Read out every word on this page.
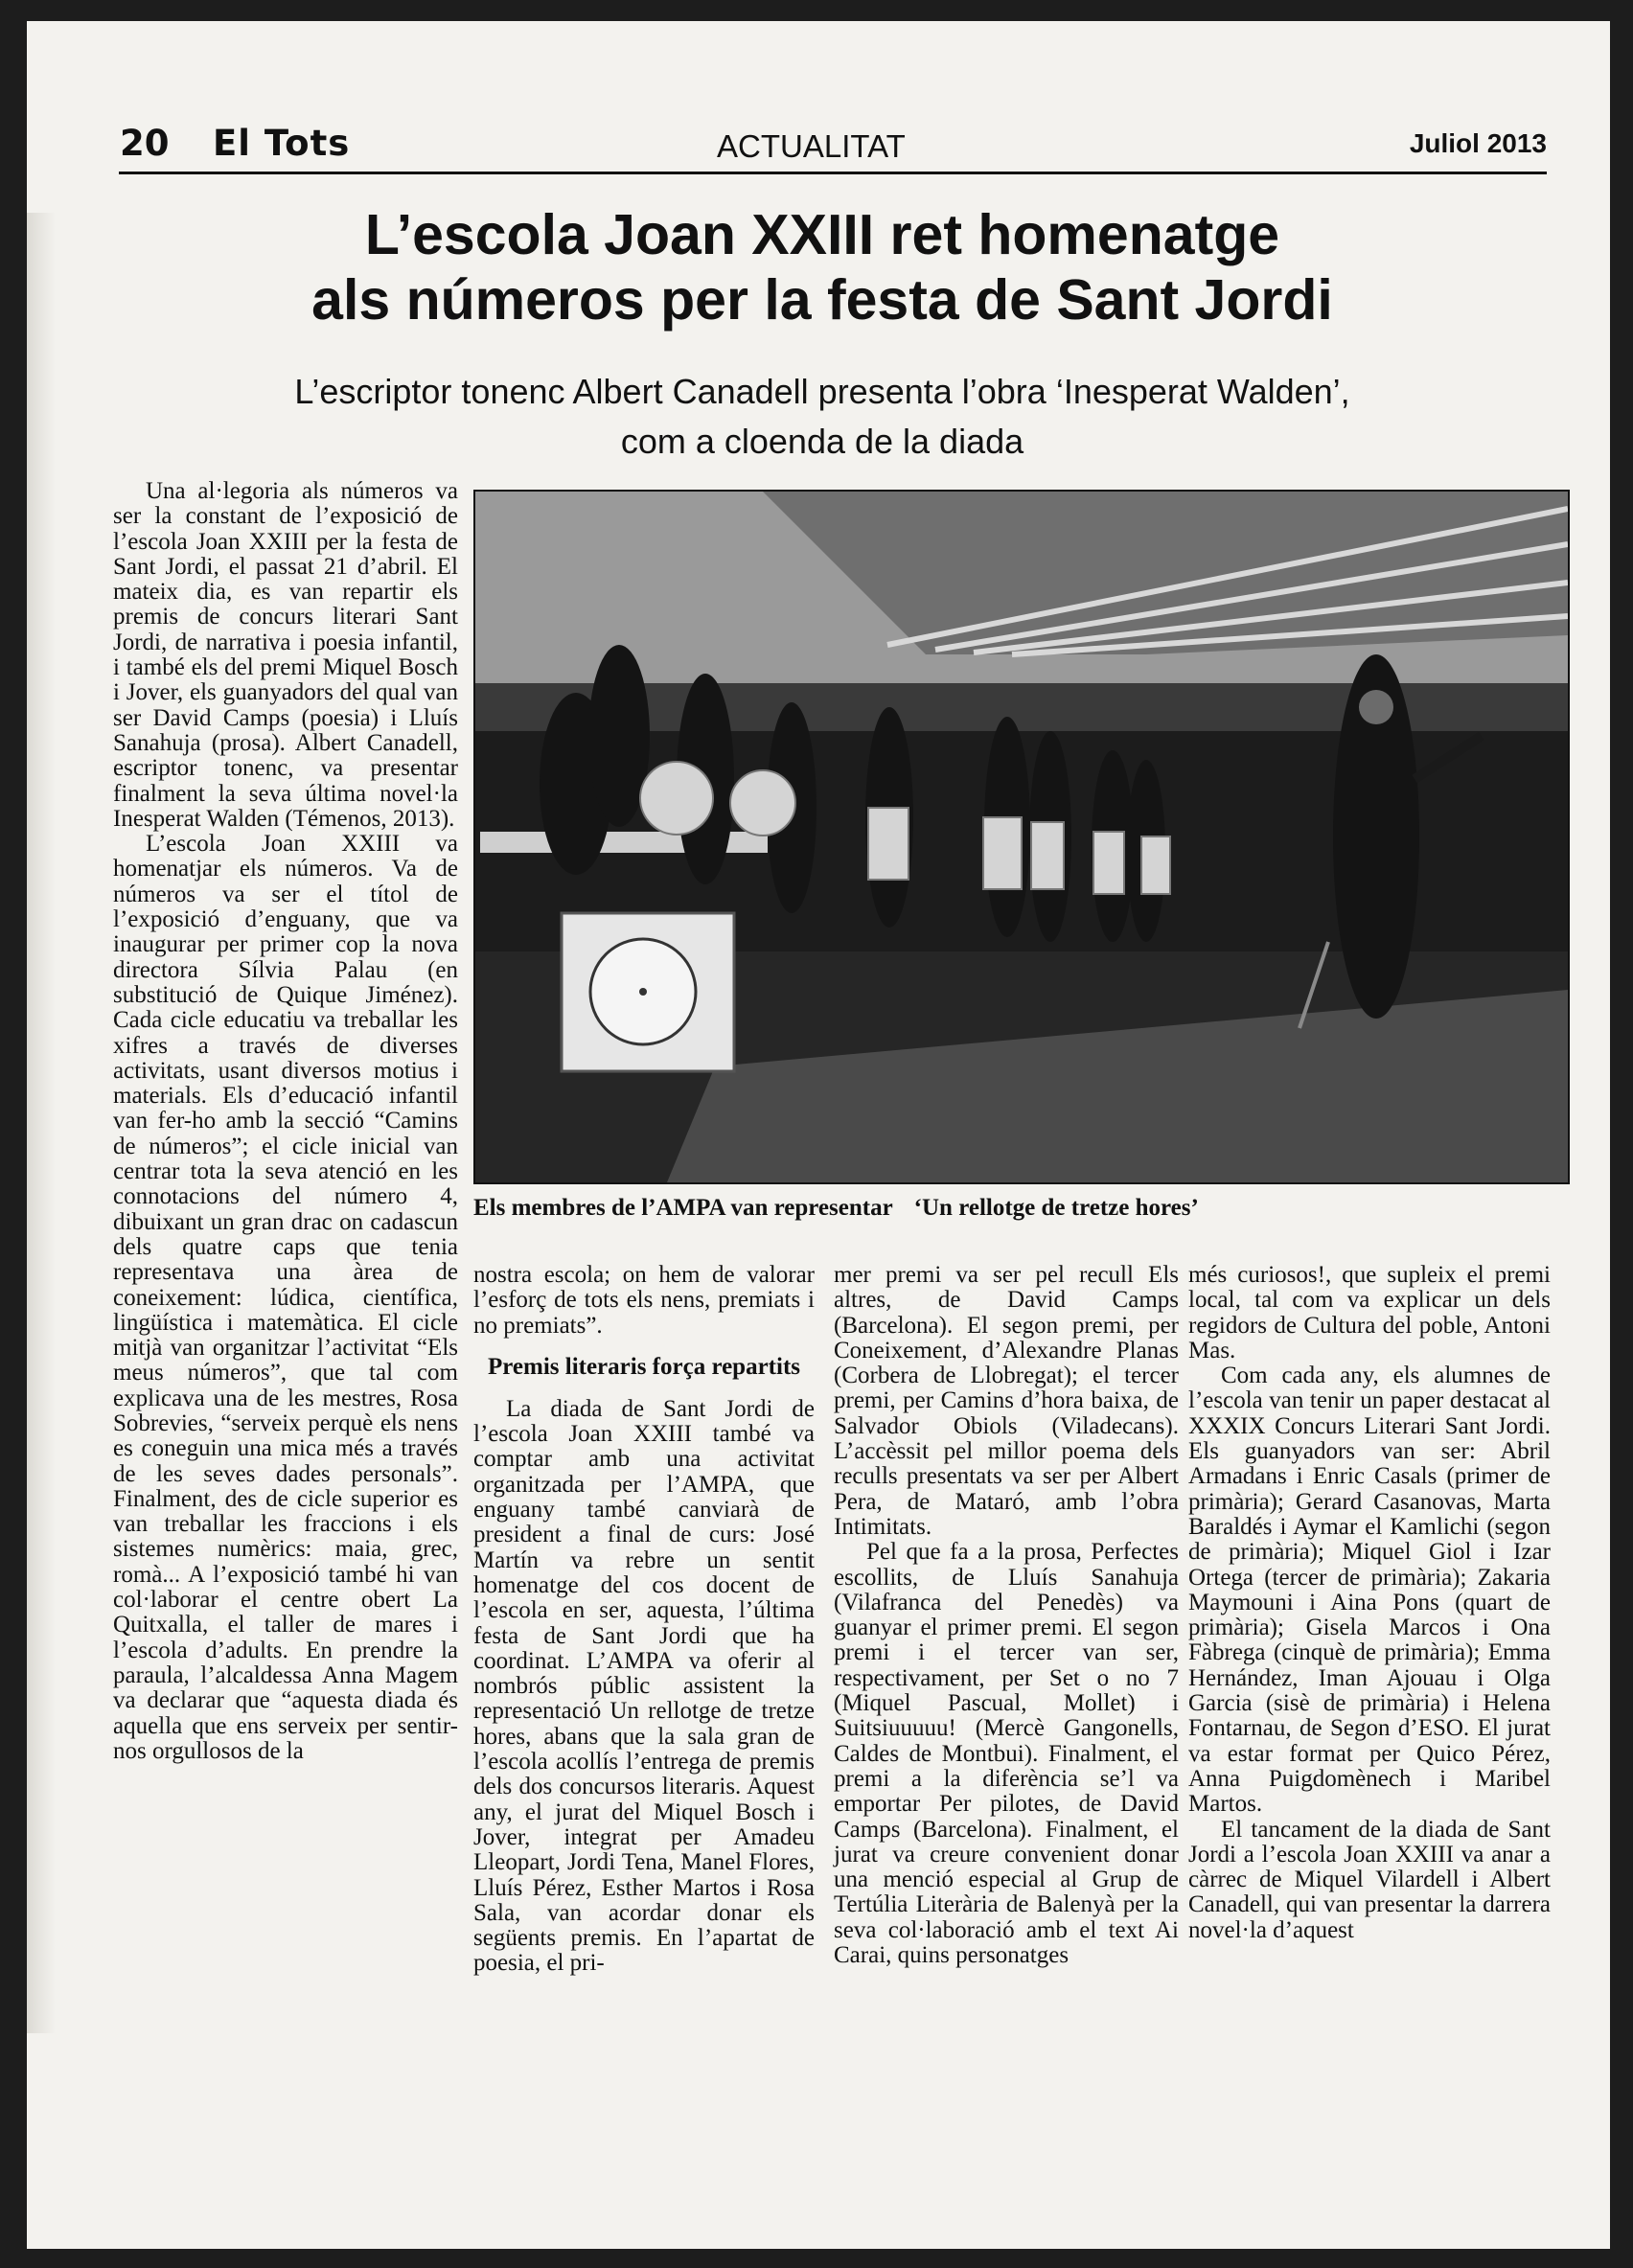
20 El Tots	ACTUALITAT	Juliol 2013
L’escola Joan XXIII ret homenatge
als números per la festa de Sant Jordi
L’escriptor tonenc Albert Canadell presenta l’obra ‘Inesperat Walden’,
com a cloenda de la diada

Una al·legoria als números va ser la constant de l’exposició de l’escola Joan XXIII per la festa de Sant Jordi, el passat 21 d’abril. El mateix dia, es van repartir els premis de concurs literari Sant Jordi, de narrativa i poesia infantil, i també els del premi Miquel Bosch i Jover, els guanyadors del qual van ser David Camps (poesia) i Lluís Sanahuja (prosa). Albert Canadell, escriptor tonenc, va presentar finalment la seva última novel·la Inesperat Walden (Témenos, 2013).

L’escola Joan XXIII va homenatjar els números. Va de números va ser el títol de l’exposició d’enguany, que va inaugurar per primer cop la nova directora Sílvia Palau (en substitució de Quique Jiménez). Cada cicle educatiu va treballar les xifres a través de diverses activitats, usant diversos motius i materials. Els d’educació infantil van fer-ho amb la secció “Camins de números”; el cicle inicial van centrar tota la seva atenció en les connotacions del número 4, dibuixant un gran drac on cadascun dels quatre caps que tenia representava una àrea de coneixement: lúdica, científica, lingüística i matemàtica. El cicle mitjà van organitzar l’activitat “Els meus números”, que tal com explicava una de les mestres, Rosa Sobrevies, “serveix perquè els nens es coneguin una mica més a través de les seves dades personals”. Finalment, des de cicle superior es van treballar les fraccions i els sistemes numèrics: maia, grec, romà... A l’exposició també hi van col·laborar el centre obert La Quitxalla, el taller de mares i l’escola d’adults. En prendre la paraula, l’alcaldessa Anna Magem va declarar que “aquesta diada és aquella que ens serveix per sentir-nos orgullosos de la

Els membres de l’AMPA van representar ‘Un rellotge de tretze hores’

nostra escola; on hem de valorar l’esforç de tots els nens, premiats i no premiats”.

Premis literaris força repartits

La diada de Sant Jordi de l’escola Joan XXIII també va comptar amb una activitat organitzada per l’AMPA, que enguany també canviarà de president a final de curs: José Martín va rebre un sentit homenatge del cos docent de l’escola en ser, aquesta, l’última festa de Sant Jordi que ha coordinat. L’AMPA va oferir al nombrós públic assistent la representació Un rellotge de tretze hores, abans que la sala gran de l’escola acollís l’entrega de premis dels dos concursos literaris. Aquest any, el jurat del Miquel Bosch i Jover, integrat per Amadeu Lleopart, Jordi Tena, Manel Flores, Lluís Pérez, Esther Martos i Rosa Sala, van acordar donar els següents premis. En l’apartat de poesia, el pri-

mer premi va ser pel recull Els altres, de David Camps (Barcelona). El segon premi, per Coneixement, d’Alexandre Planas (Corbera de Llobregat); el tercer premi, per Camins d’hora baixa, de Salvador Obiols (Viladecans). L’accèssit pel millor poema dels reculls presentats va ser per Albert Pera, de Mataró, amb l’obra Intimitats.

Pel que fa a la prosa, Perfectes escollits, de Lluís Sanahuja (Vilafranca del Penedès) va guanyar el primer premi. El segon premi i el tercer van ser, respectivament, per Set o no 7 (Miquel Pascual, Mollet) i Suitsiuuuuu! (Mercè Gangonells, Caldes de Montbui). Finalment, el premi a la diferència se’l va emportar Per pilotes, de David Camps (Barcelona). Finalment, el jurat va creure convenient donar una menció especial al Grup de Tertúlia Literària de Balenyà per la seva col·laboració amb el text Ai Carai, quins personatges

més curiosos!, que supleix el premi local, tal com va explicar un dels regidors de Cultura del poble, Antoni Mas.

Com cada any, els alumnes de l’escola van tenir un paper destacat al XXXIX Concurs Literari Sant Jordi. Els guanyadors van ser: Abril Armadans i Enric Casals (primer de primària); Gerard Casanovas, Marta Baraldés i Aymar el Kamlichi (segon de primària); Miquel Giol i Izar Ortega (tercer de primària); Zakaria Maymouni i Aina Pons (quart de primària); Gisela Marcos i Ona Fàbrega (cinquè de primària); Emma Hernández, Iman Ajouau i Olga Garcia (sisè de primària) i Helena Fontarnau, de Segon d’ESO. El jurat va estar format per Quico Pérez, Anna Puigdomènech i Maribel Martos.

El tancament de la diada de Sant Jordi a l’escola Joan XXIII va anar a càrrec de Miquel Vilardell i Albert Canadell, qui van presentar la darrera novel·la d’aquest
